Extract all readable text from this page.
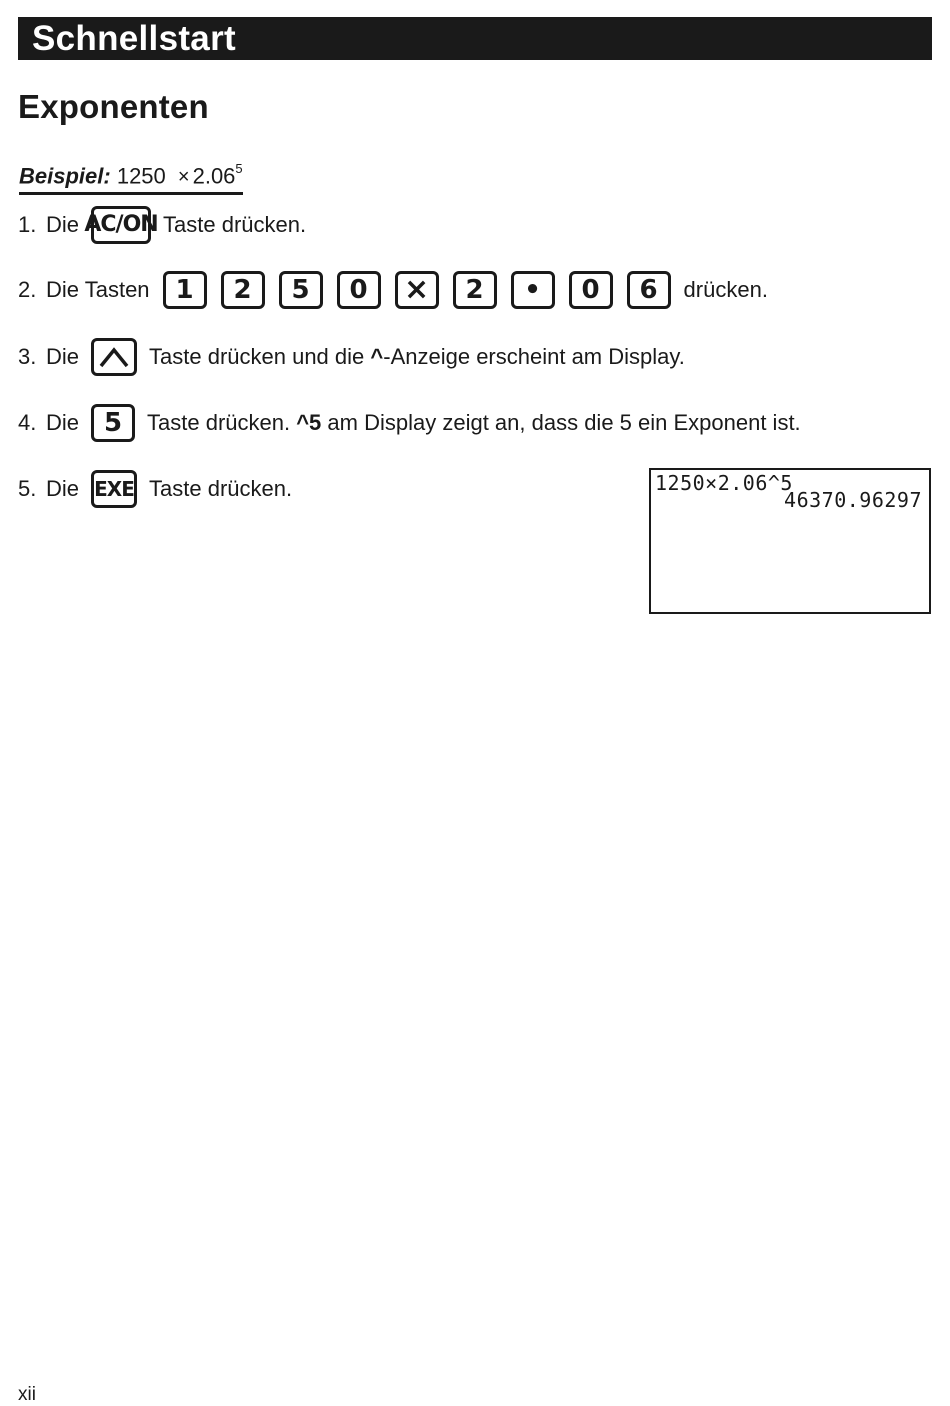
Schnellstart
Exponenten
Beispiel: $1250 \times 2.06^5$
1. Die AC/ON Taste drücken.
2. Die Tasten 1	2	5	0	×	2	•	0	6	drücken.
3. Die	Taste drücken und die ^ -Anzeige erscheint am Display.
4. Die 5	Taste drücken. ^5 am Display zeigt an, dass die 5 ein Exponent ist.
5. Die EXE Taste drücken.	1250×2.06^5
46370.96297
xii
